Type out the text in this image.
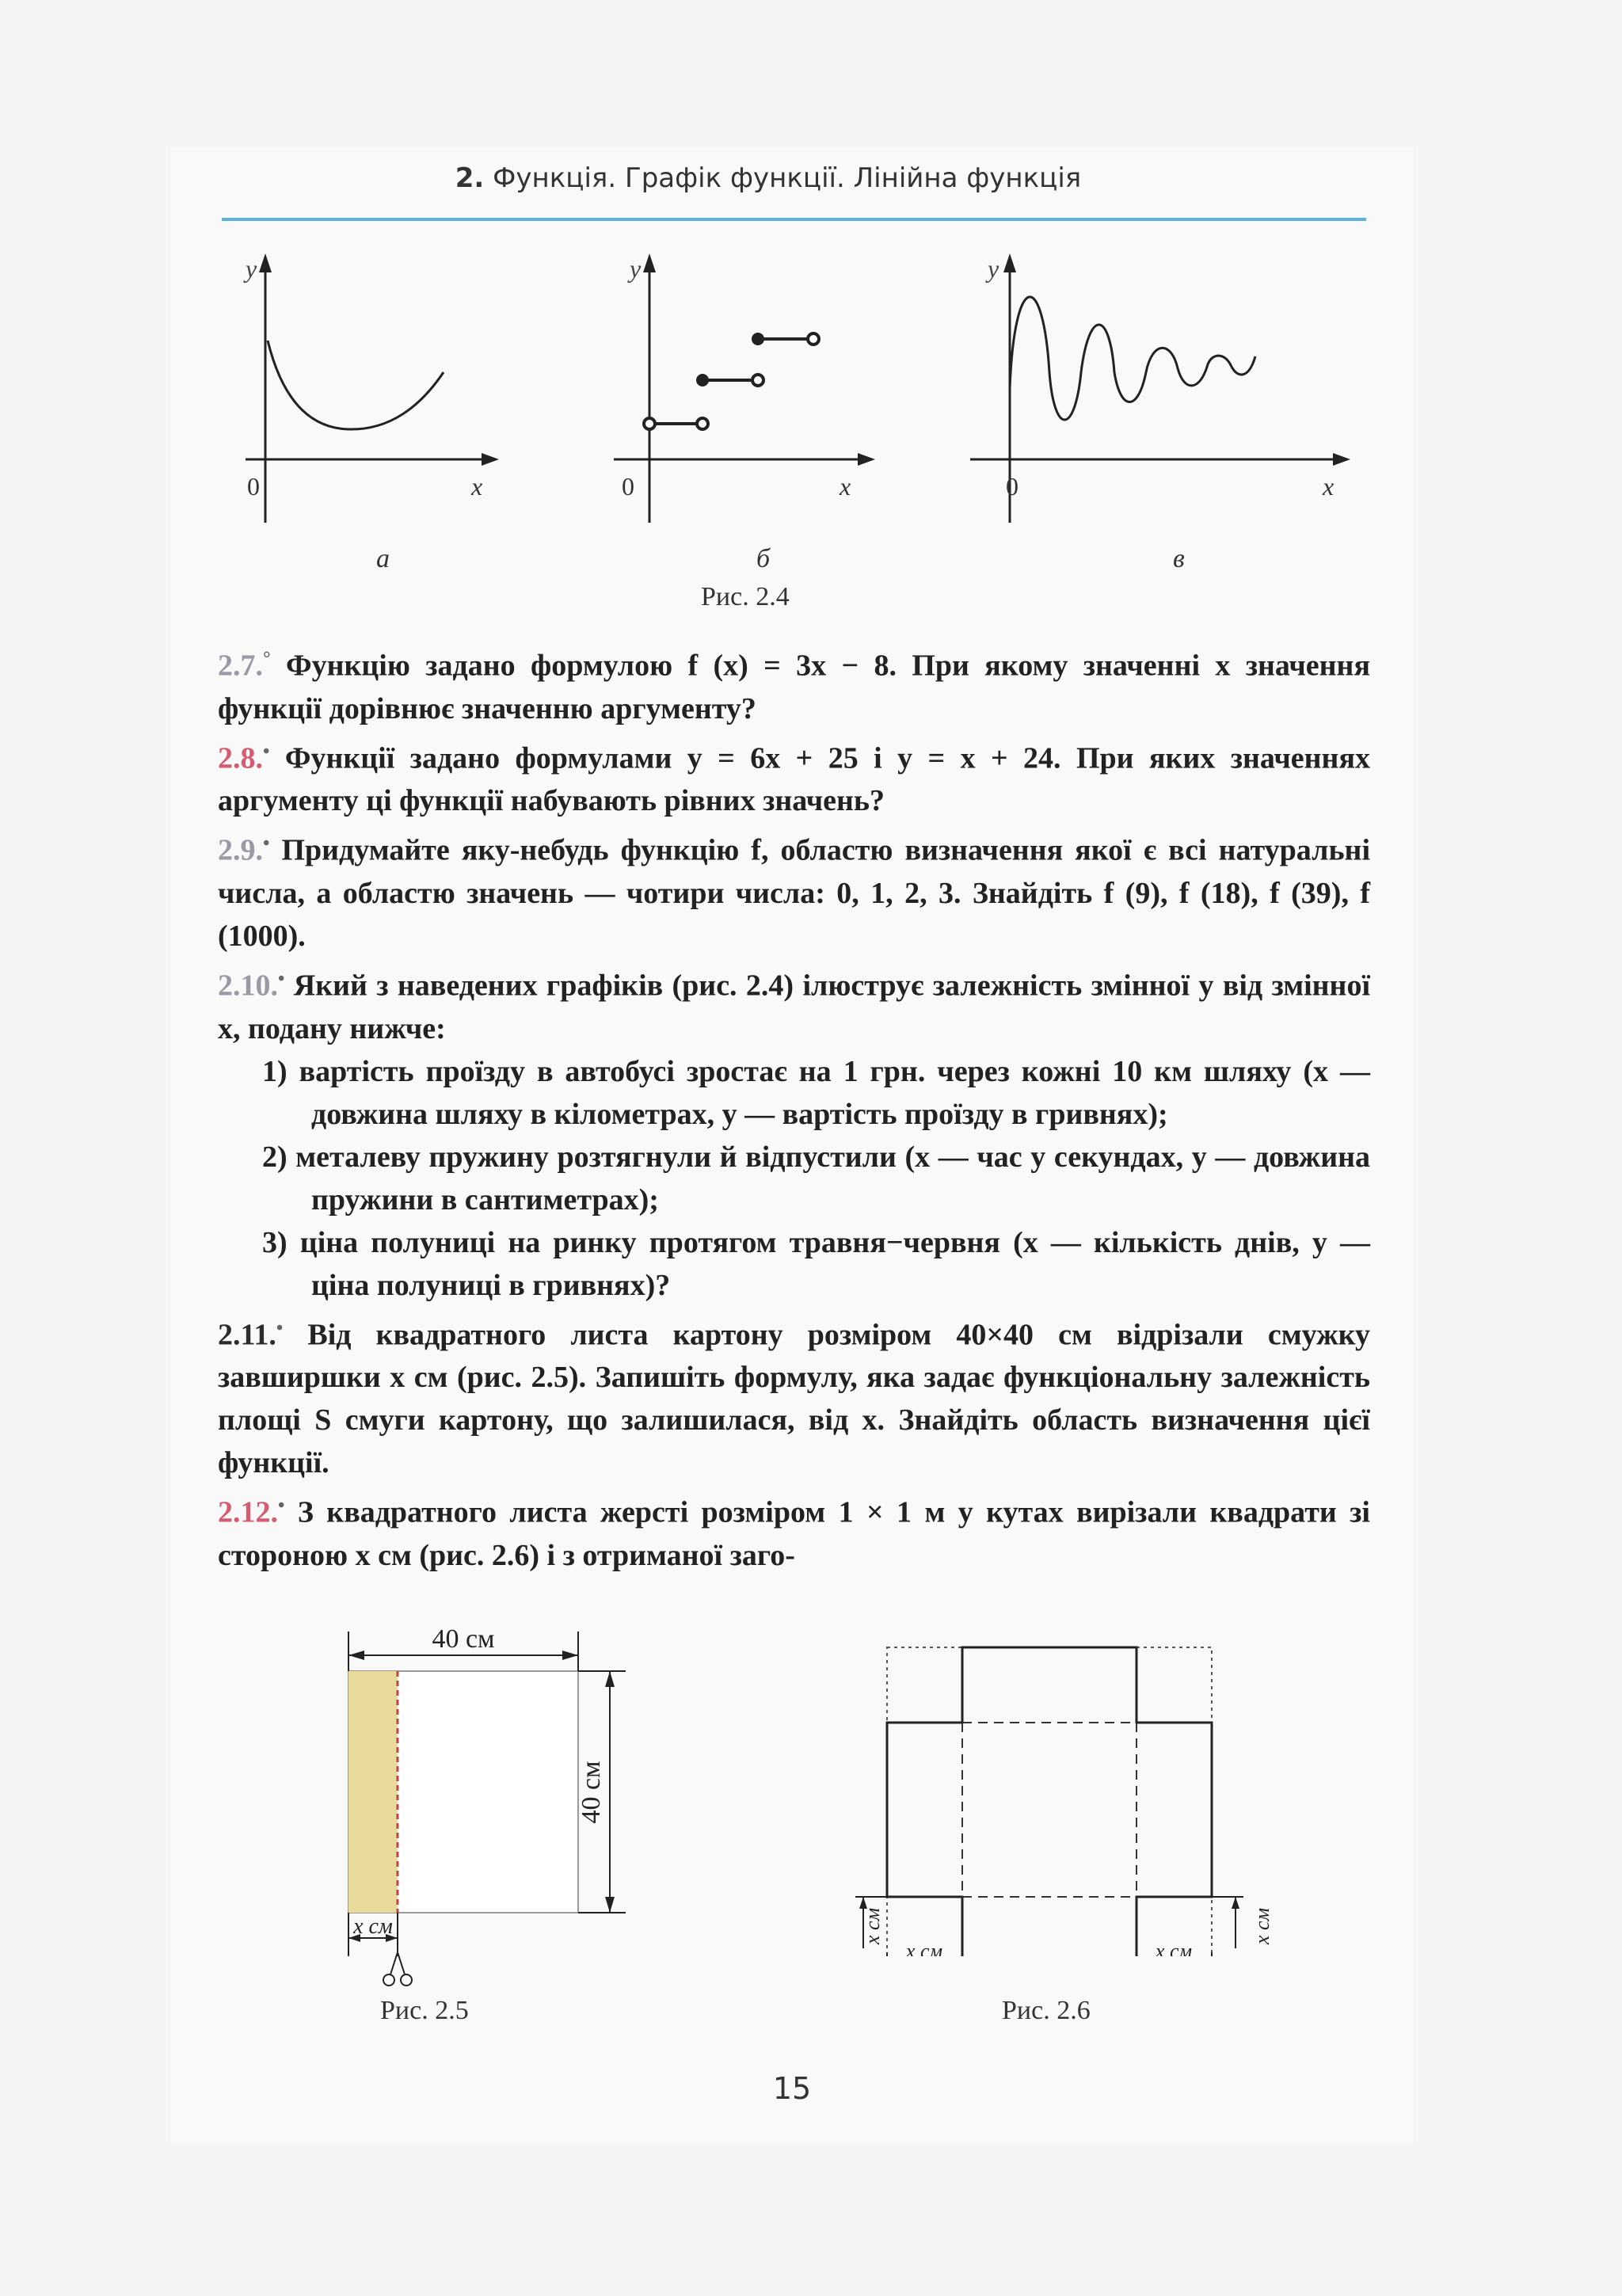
2. Функція. Графік функції. Лінійна функція
y
x
0
y
x
0
y
x
0
а	б	в
Рис. 2.4

2.7.° Функцію задано формулою f (x) = 3x − 8. При якому значенні x значення функції дорівнює значенню аргументу?

2.8.• Функції задано формулами y = 6x + 25 і y = x + 24. При яких значеннях аргументу ці функції набувають рівних значень?

2.9.• Придумайте яку-небудь функцію f, областю визначення якої є всі натуральні числа, а областю значень — чотири числа: 0, 1, 2, 3. Знайдіть f (9), f (18), f (39), f (1000).

2.10.• Який з наведених графіків (рис. 2.4) ілюструє залежність змінної y від змінної x, подану нижче:

1) вартість проїзду в автобусі зростає на 1 грн. через кожні 10 км шляху (x — довжина шляху в кілометрах, y — вартість проїзду в гривнях);

2) металеву пружину розтягнули й відпустили (x — час у секундах, y — довжина пружини в сантиметрах);

3) ціна полуниці на ринку протягом травня−червня (x — кількість днів, y — ціна полуниці в гривнях)?

2.11.• Від квадратного листа картону розміром 40×40 см відрізали смужку завширшки x см (рис. 2.5). Запишіть формулу, яка задає функціональну залежність площі S смуги картону, що залишилася, від x. Знайдіть область визначення цієї функції.

2.12.• З квадратного листа жерсті розміром 1 × 1 м у кутах вирізали квадрати зі стороною x см (рис. 2.6) і з отриманої заго-

40 см
40 см
x см
Рис. 2.5
x см	x см
x см	x см
Рис. 2.6
15
